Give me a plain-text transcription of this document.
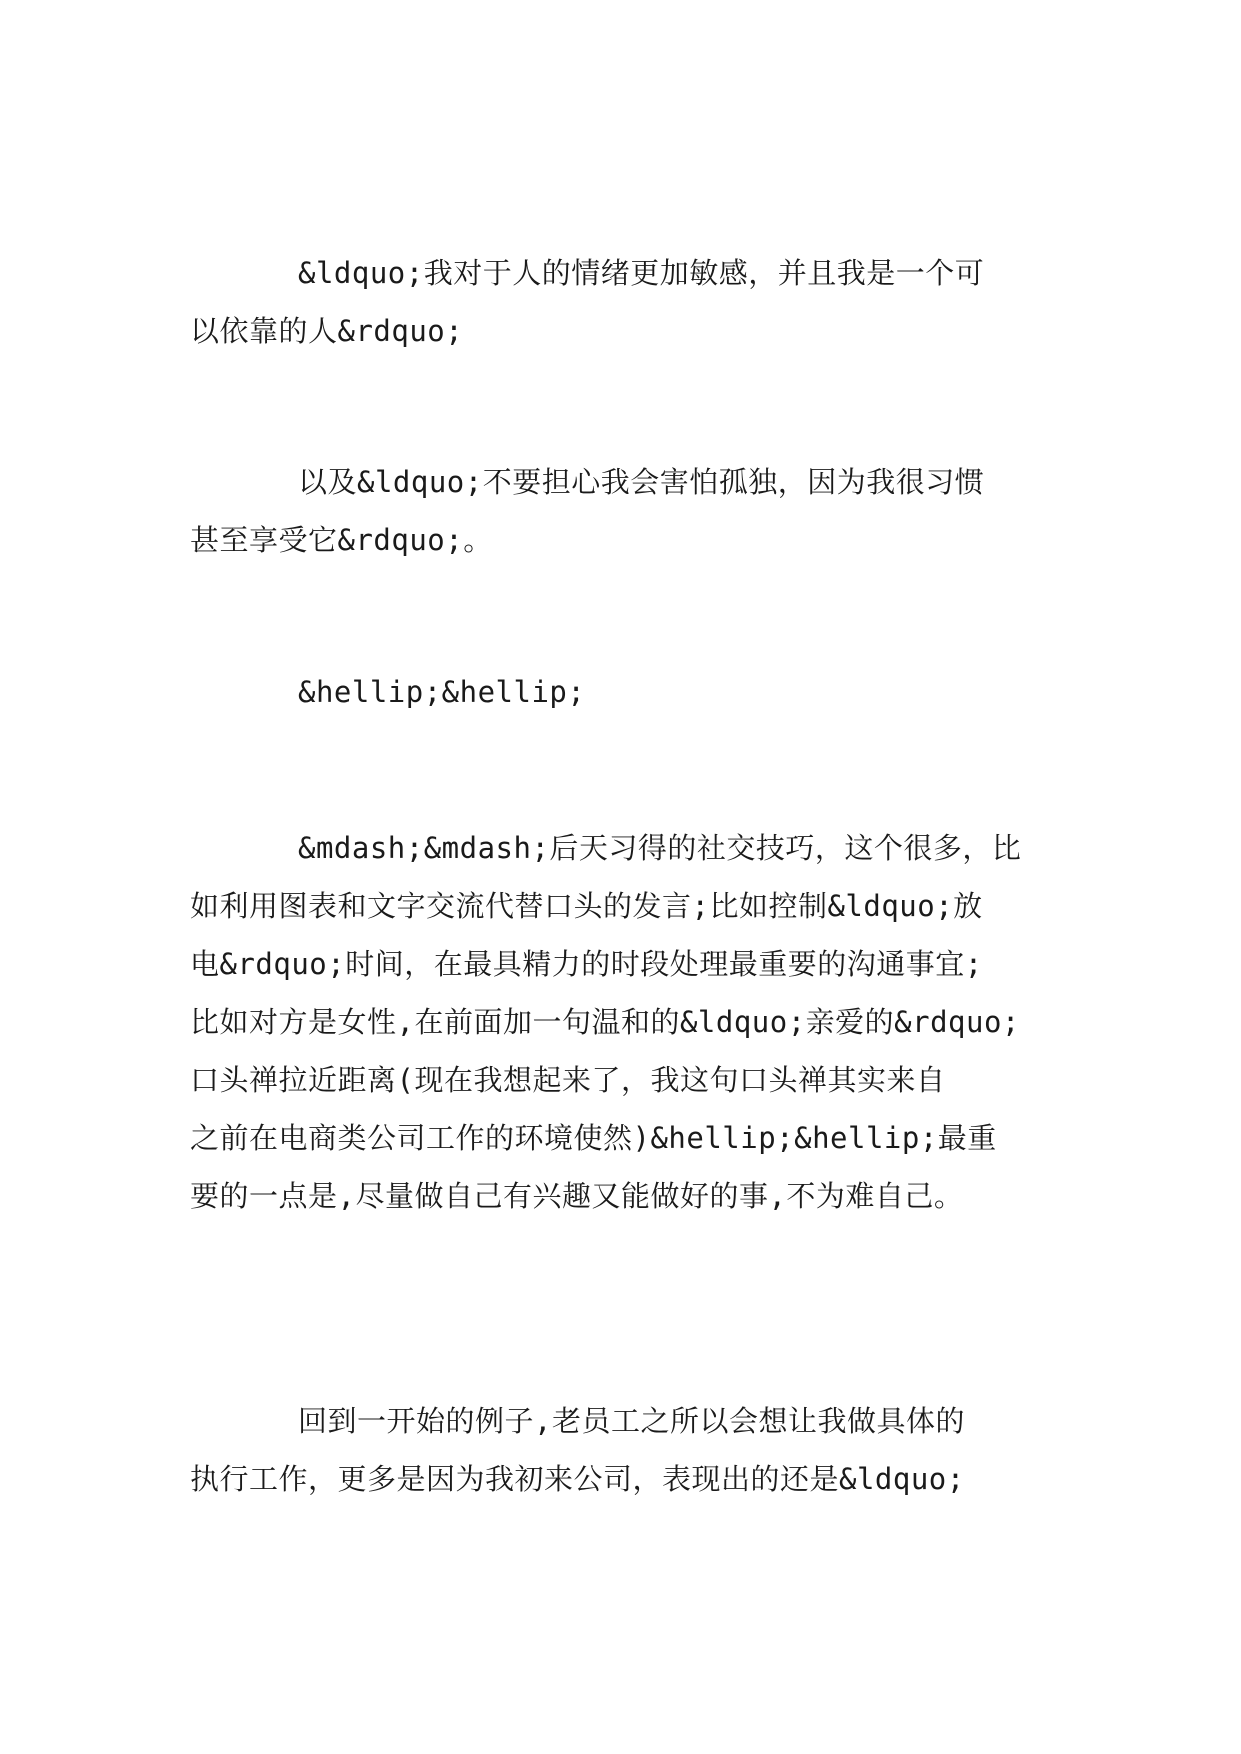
&ldquo;我对于人的情绪更加敏感，并且我是一个可
以依靠的人&rdquo;
以及&ldquo;不要担心我会害怕孤独，因为我很习惯
甚至享受它&rdquo;。
&hellip;&hellip;
&mdash;&mdash;后天习得的社交技巧，这个很多，比
如利用图表和文字交流代替口头的发言;比如控制&ldquo;放
电&rdquo;时间，在最具精力的时段处理最重要的沟通事宜;
比如对方是女性,在前面加一句温和的&ldquo;亲爱的&rdquo;
口头禅拉近距离(现在我想起来了，我这句口头禅其实来自
之前在电商类公司工作的环境使然)&hellip;&hellip;最重
要的一点是,尽量做自己有兴趣又能做好的事,不为难自己。
回到一开始的例子,老员工之所以会想让我做具体的
执行工作，更多是因为我初来公司，表现出的还是&ldquo;
